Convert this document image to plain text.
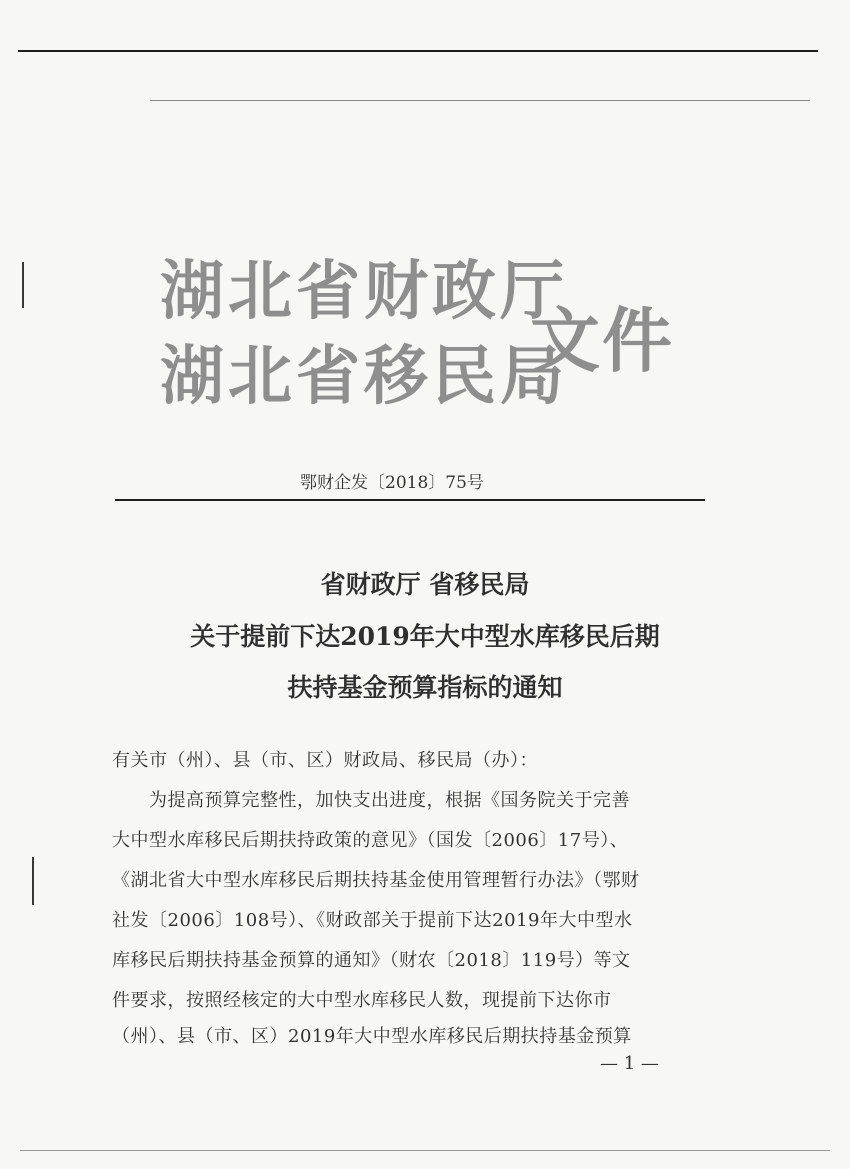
湖北省财政厅
湖北省移民局
文件
鄂财企发〔2018〕75号
省财政厅 省移民局
关于提前下达2019年大中型水库移民后期
扶持基金预算指标的通知
有关市（州）、县（市、区）财政局、移民局（办）：
　　为提高预算完整性，加快支出进度，根据《国务院关于完善
大中型水库移民后期扶持政策的意见》（国发〔2006〕17号）、
《湖北省大中型水库移民后期扶持基金使用管理暂行办法》（鄂财
社发〔2006〕108号）、《财政部关于提前下达2019年大中型水
库移民后期扶持基金预算的通知》（财农〔2018〕119号）等文
件要求，按照经核定的大中型水库移民人数，现提前下达你市
（州）、县（市、区）2019年大中型水库移民后期扶持基金预算
— 1 —
